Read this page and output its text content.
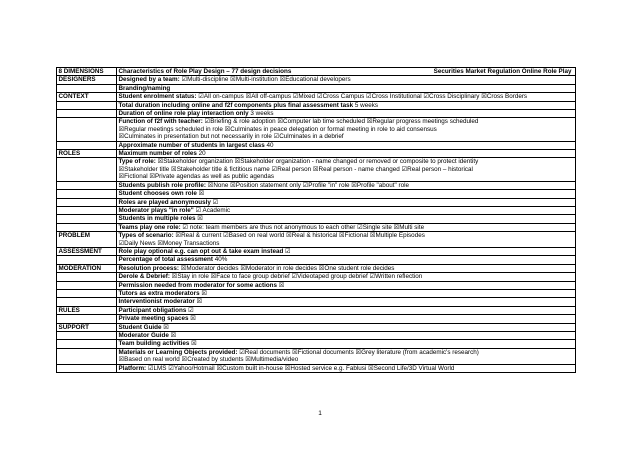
8 DIMENSIONS	Characteristics of Role Play Design – 77 design decisions Securities Market Regulation Online Role Play

DESIGNERS	Designed by a team: ☑Multi-discipline ☒Multi-institution ☒Educational developers

	Branding/naming

CONTEXT	Student enrolment status: ☑All on-campus ☒All off-campus ☑Mixed ☑Cross Campus ☑Cross Institutional ☑Cross Disciplinary ☒Cross Borders

	Total duration including online and f2f components plus final assessment task 5 weeks

	Duration of online role play interaction only 3 weeks

	Function of f2f with teacher: ☑Briefing & role adoption ☒Computer lab time scheduled ☒Regular progress meetings scheduled
☒Regular meetings scheduled in role ☒Culminates in peace delegation or formal meeting in role to aid consensus
☒Culminates in presentation but not necessarily in role ☑Culminates in a debrief

	Approximate number of students in largest class 40

ROLES	Maximum number of roles 20

	Type of role: ☒Stakeholder organization ☒Stakeholder organization - name changed or removed or composite to protect identity
☒Stakeholder title ☒Stakeholder title & fictitious name ☑Real person ☒Real person - name changed ☑Real person – historical
☒Fictional ☒Private agendas as well as public agendas

	Students publish role profile: ☒None ☒Position statement only ☑Profile "in" role ☒Profile "about" role

	Student chooses own role ☒

	Roles are played anonymously ☑

	Moderator plays "in role" ☑ Academic

	Students in multiple roles ☒

	Teams play one role: ☑ note: team members are thus not anonymous to each other ☑Single site ☒Multi site

PROBLEM	Types of scenario: ☒Real & current ☑Based on real world ☒Real & historical ☒Fictional ☒Multiple Episodes
☑Daily News ☒Money Transactions

ASSESSMENT	Role play optional e.g. can opt out & take exam instead ☑

	Percentage of total assessment 40%

MODERATION	Resolution process: ☒Moderator decides ☒Moderator in role decides ☒One student role decides

	Derole & Debrief: ☒Stay in role ☒Face to face group debrief ☑Videotaped group debrief ☑Written reflection

	Permission needed from moderator for some actions ☒

	Tutors as extra moderators ☒

	Interventionist moderator ☒

RULES	Participant obligations ☑

	Private meeting spaces ☒

SUPPORT	Student Guide ☒

	Moderator Guide ☒

	Team building activities ☒

	Materials or Learning Objects provided: ☑Real documents ☒Fictional documents ☒Grey literature (from academic's research)
☒Based on real world ☒Created by students ☒Multimedia/video

	Platform: ☑LMS ☑Yahoo/Hotmail ☒Custom built in-house ☒Hosted service e.g. Fablusi ☒Second Life/3D Virtual World
1
